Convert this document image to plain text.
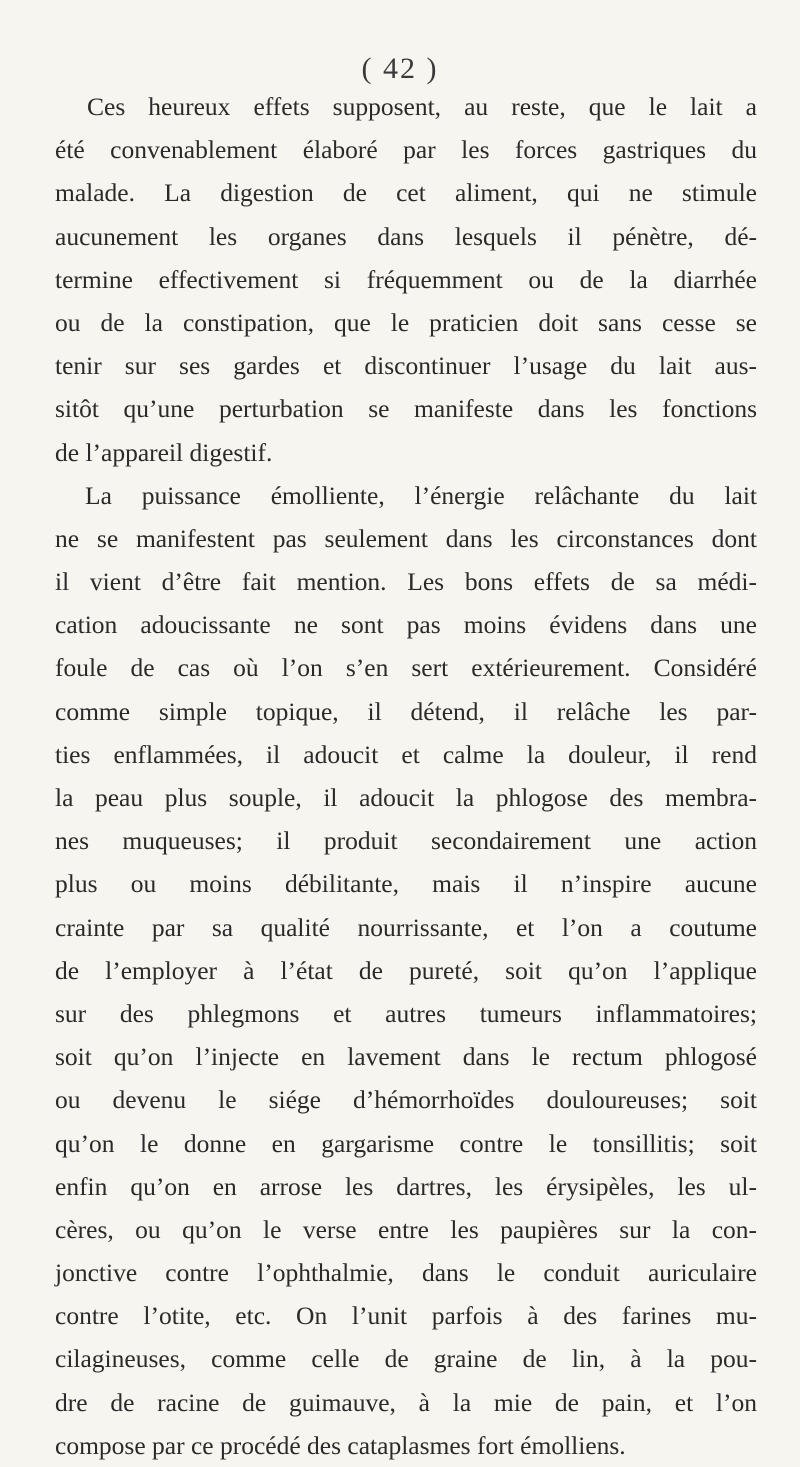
( 42 )
Ces heureux effets supposent, au reste, que le lait a
été convenablement élaboré par les forces gastriques du
malade. La digestion de cet aliment, qui ne stimule
aucunement les organes dans lesquels il pénètre, dé-
termine effectivement si fréquemment ou de la diarrhée
ou de la constipation, que le praticien doit sans cesse se
tenir sur ses gardes et discontinuer l’usage du lait aus-
sitôt qu’une perturbation se manifeste dans les fonctions
de l’appareil digestif.
La puissance émolliente, l’énergie relâchante du lait
ne se manifestent pas seulement dans les circonstances dont
il vient d’être fait mention. Les bons effets de sa médi-
cation adoucissante ne sont pas moins évidens dans une
foule de cas où l’on s’en sert extérieurement. Considéré
comme simple topique, il détend, il relâche les par-
ties enflammées, il adoucit et calme la douleur, il rend
la peau plus souple, il adoucit la phlogose des membra-
nes muqueuses; il produit secondairement une action
plus ou moins débilitante, mais il n’inspire aucune
crainte par sa qualité nourrissante, et l’on a coutume
de l’employer à l’état de pureté, soit qu’on l’applique
sur des phlegmons et autres tumeurs inflammatoires;
soit qu’on l’injecte en lavement dans le rectum phlogosé
ou devenu le siége d’hémorrhoïdes douloureuses; soit
qu’on le donne en gargarisme contre le tonsillitis; soit
enfin qu’on en arrose les dartres, les érysipèles, les ul-
cères, ou qu’on le verse entre les paupières sur la con-
jonctive contre l’ophthalmie, dans le conduit auriculaire
contre l’otite, etc. On l’unit parfois à des farines mu-
cilagineuses, comme celle de graine de lin, à la pou-
dre de racine de guimauve, à la mie de pain, et l’on
compose par ce procédé des cataplasmes fort émolliens.
